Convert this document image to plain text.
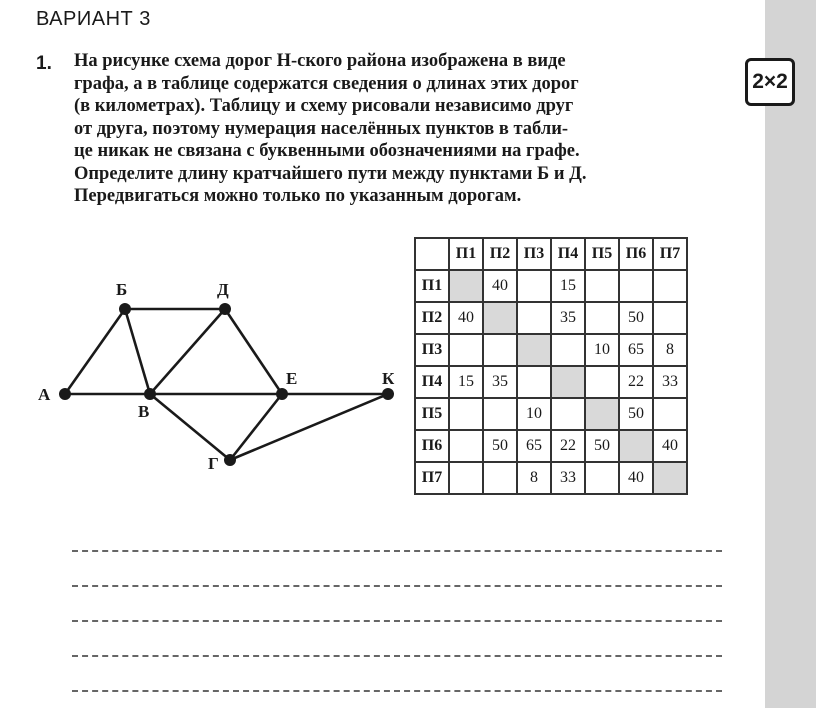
ВАРИАНТ 3
1. На рисунке схема дорог Н-ского района изображена в виде
графа, а в таблице содержатся сведения о длинах этих дорог
(в километрах). Таблицу и схему рисовали независимо друг
от друга, поэтому нумерация населённых пунктов в табли-
це никак не связана с буквенными обозначениями на графе.
Определите длину кратчайшего пути между пунктами Б и Д.
Передвигаться можно только по указанным дорогам.
2×2
А
Б
В
Г
Д
Е	К
	П1	П2	П3	П4	П5	П6	П7
П1		40		15			
П2	40			35		50	
П3					10	65	8
П4	15	35				22	33
П5			10			50	
П6		50	65	22	50		40
П7			8	33		40	
